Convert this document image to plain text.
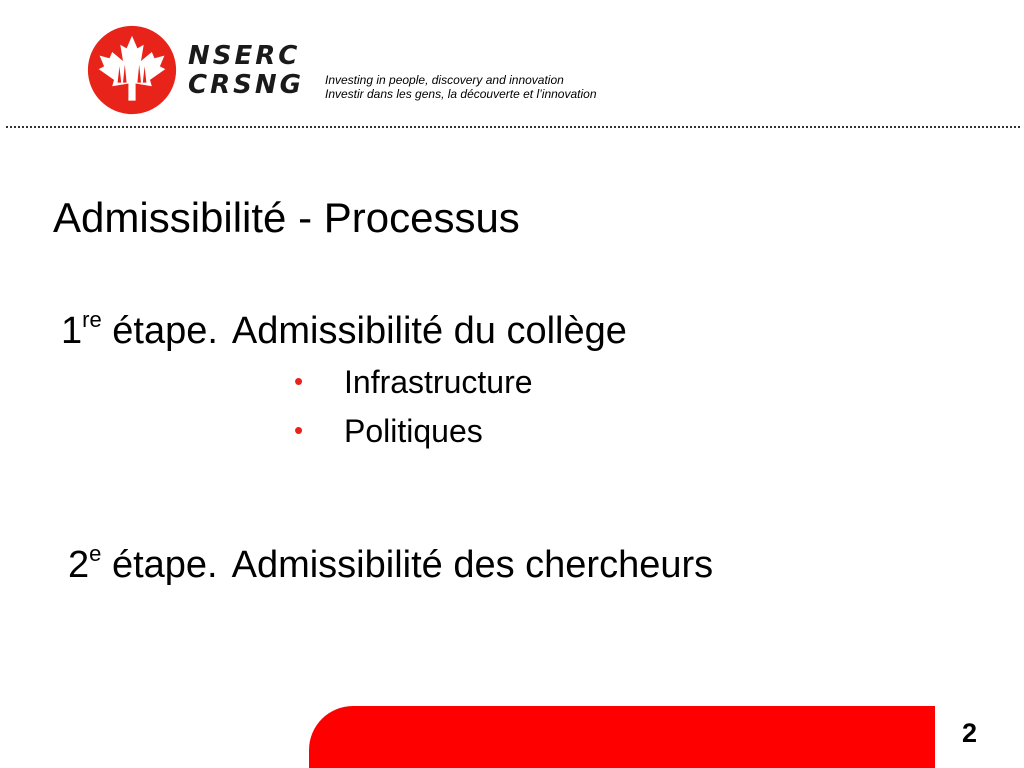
NSERC
CRSNG Investing in people, discovery and innovation
Investir dans les gens, la découverte et l’innovation
Admissibilité - Processus
1re étape. Admissibilité du collège
• Infrastructure
• Politiques
2e étape. Admissibilité des chercheurs
2
